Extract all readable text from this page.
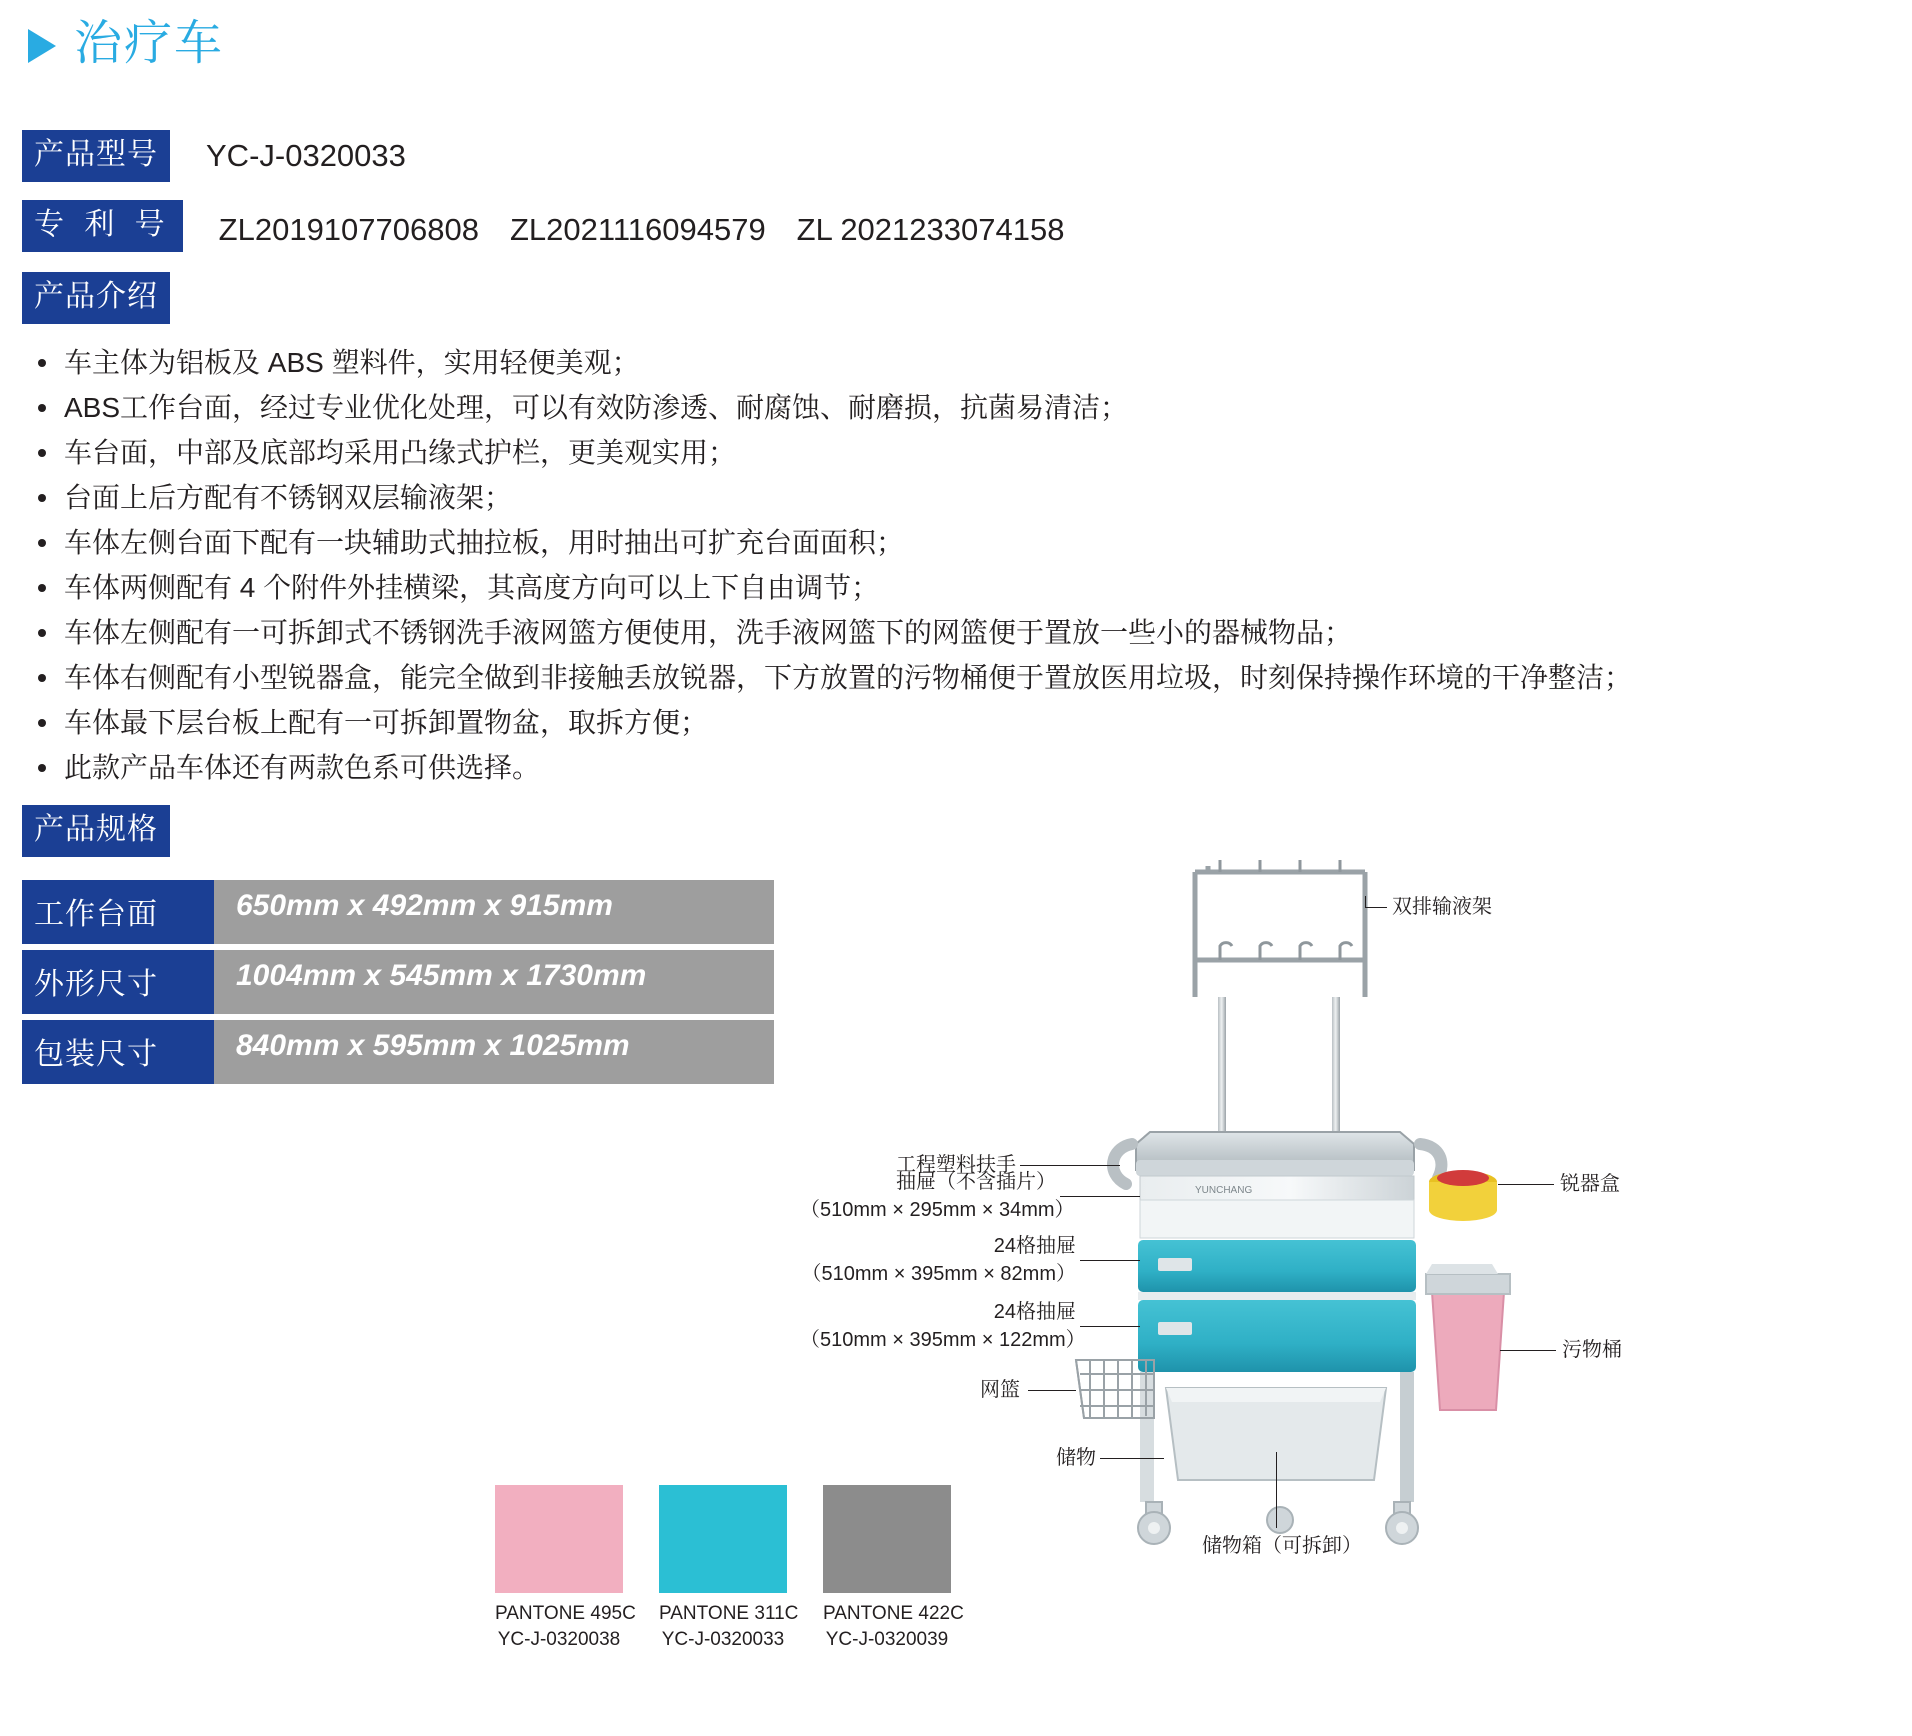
治疗车
产品型号	YC-J-0320033
专 利 号	ZL2019107706808　ZL2021116094579　ZL 2021233074158
产品介绍
车主体为铝板及 ABS 塑料件，实用轻便美观；
ABS工作台面，经过专业优化处理，可以有效防渗透、耐腐蚀、耐磨损，抗菌易清洁；
车台面，中部及底部均采用凸缘式护栏，更美观实用；
台面上后方配有不锈钢双层输液架；
车体左侧台面下配有一块辅助式抽拉板，用时抽出可扩充台面面积；
车体两侧配有 4 个附件外挂横梁，其高度方向可以上下自由调节；
车体左侧配有一可拆卸式不锈钢洗手液网篮方便使用，洗手液网篮下的网篮便于置放一些小的器械物品；
车体右侧配有小型锐器盒，能完全做到非接触丢放锐器，下方放置的污物桶便于置放医用垃圾，时刻保持操作环境的干净整洁；
车体最下层台板上配有一可拆卸置物盆，取拆方便；
此款产品车体还有两款色系可供选择。
产品规格
工作台面	650mm x 492mm x 915mm
外形尺寸	1004mm x 545mm x 1730mm
包装尺寸	840mm x 595mm x 1025mm
PANTONE 495C
YC-J-0320038
PANTONE 311C
YC-J-0320033
PANTONE 422C
YC-J-0320039
YUNCHANG
双排输液架
工程塑料扶手
抽屉（不含插片）
（510mm × 295mm × 34mm）
24格抽屉
（510mm × 395mm × 82mm）
24格抽屉
（510mm × 395mm × 122mm）
网篮
储物
储物箱（可拆卸）
锐器盒
污物桶
